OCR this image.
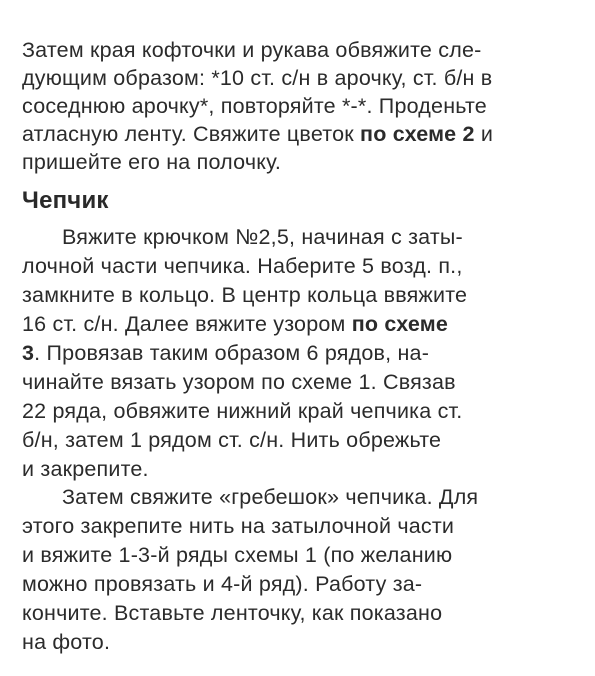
Затем края кофточки и рукава обвяжите сле-
дующим образом: *10 ст. с/н в арочку, ст. б/н в
соседнюю арочку*, повторяйте *-*. Проденьте
атласную ленту. Свяжите цветок по схеме 2 и
пришейте его на полочку.
Чепчик
Вяжите крючком №2,5, начиная с заты-
лочной части чепчика. Наберите 5 возд. п.,
замкните в кольцо. В центр кольца ввяжите
16 ст. с/н. Далее вяжите узором по схеме
3. Провязав таким образом 6 рядов, на-
чинайте вязать узором по схеме 1. Связав
22 ряда, обвяжите нижний край чепчика ст.
б/н, затем 1 рядом ст. с/н. Нить обрежьте
и закрепите.
Затем свяжите «гребешок» чепчика. Для
этого закрепите нить на затылочной части
и вяжите 1-3-й ряды схемы 1 (по желанию
можно провязать и 4-й ряд). Работу за-
кончите. Вставьте ленточку, как показано
на фото.
